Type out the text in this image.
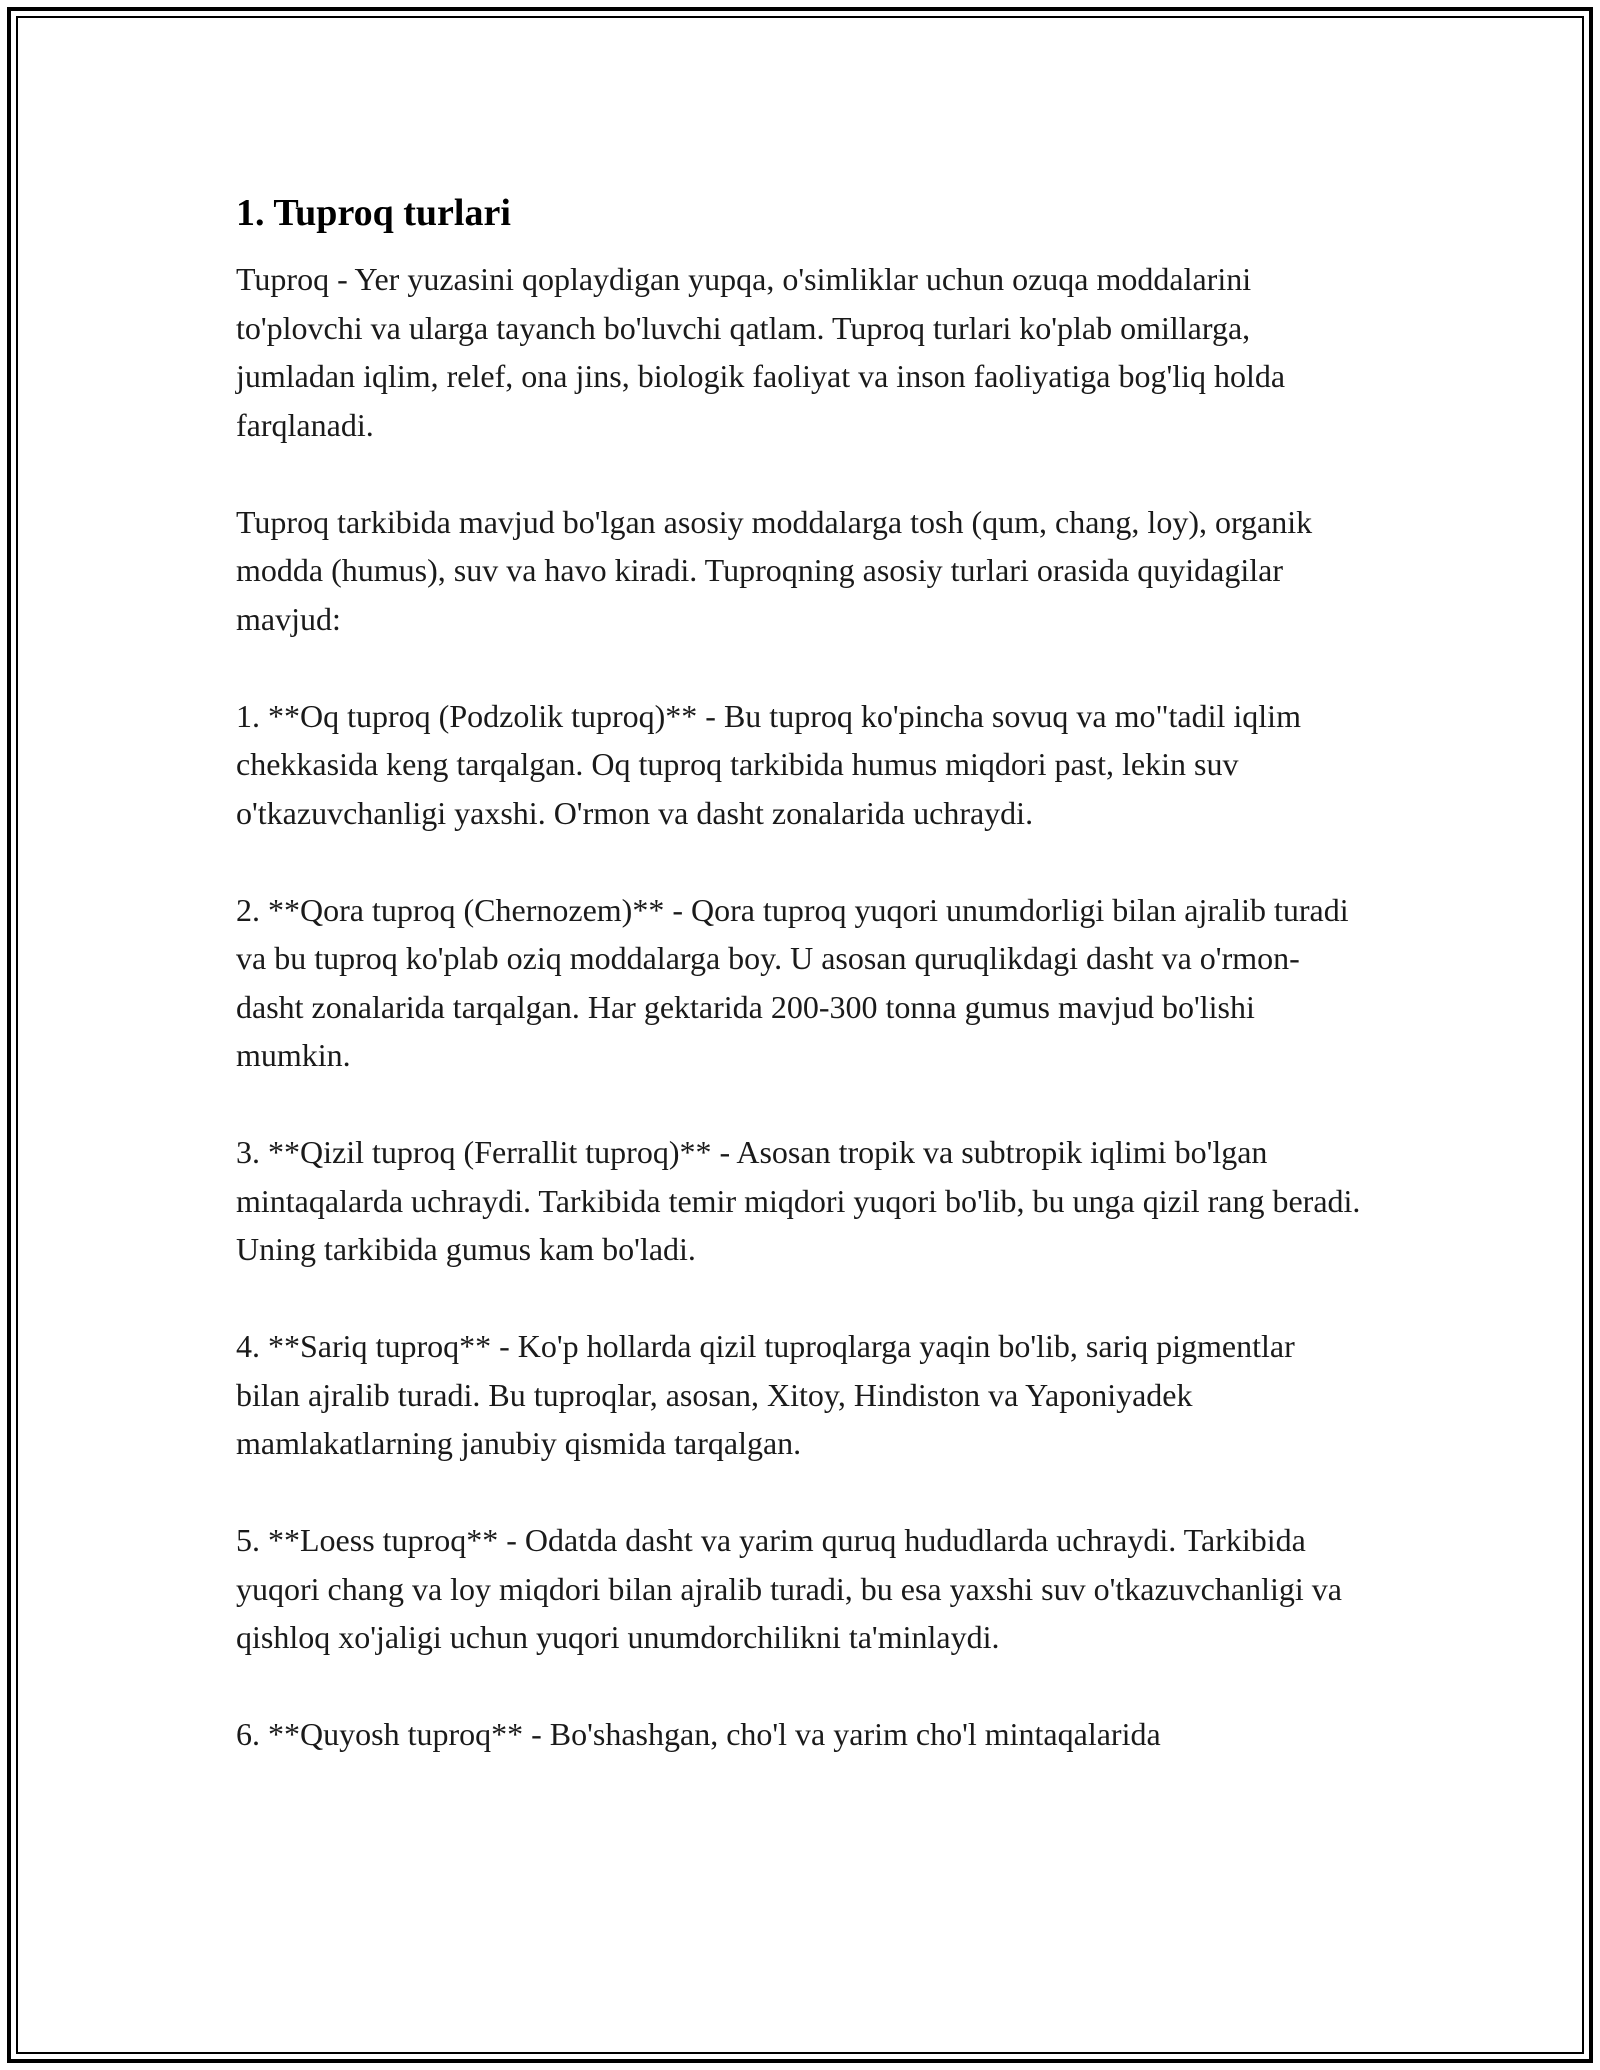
1. Tuproq turlari

Tuproq - Yer yuzasini qoplaydigan yupqa, o'simliklar uchun ozuqa moddalarini to'plovchi va ularga tayanch bo'luvchi qatlam. Tuproq turlari ko'plab omillarga, jumladan iqlim, relef, ona jins, biologik faoliyat va inson faoliyatiga bog'liq holda farqlanadi.

Tuproq tarkibida mavjud bo'lgan asosiy moddalarga tosh (qum, chang, loy), organik modda (humus), suv va havo kiradi. Tuproqning asosiy turlari orasida quyidagilar mavjud:

1. **Oq tuproq (Podzolik tuproq)** - Bu tuproq ko'pincha sovuq va mo"tadil iqlim chekkasida keng tarqalgan. Oq tuproq tarkibida humus miqdori past, lekin suv o'tkazuvchanligi yaxshi. O'rmon va dasht zonalarida uchraydi.

2. **Qora tuproq (Chernozem)** - Qora tuproq yuqori unumdorligi bilan ajralib turadi va bu tuproq ko'plab oziq moddalarga boy. U asosan quruqlikdagi dasht va o'rmon-dasht zonalarida tarqalgan. Har gektarida 200-300 tonna gumus mavjud bo'lishi mumkin.

3. **Qizil tuproq (Ferrallit tuproq)** - Asosan tropik va subtropik iqlimi bo'lgan mintaqalarda uchraydi. Tarkibida temir miqdori yuqori bo'lib, bu unga qizil rang beradi. Uning tarkibida gumus kam bo'ladi.

4. **Sariq tuproq** - Ko'p hollarda qizil tuproqlarga yaqin bo'lib, sariq pigmentlar bilan ajralib turadi. Bu tuproqlar, asosan, Xitoy, Hindiston va Yaponiyadek mamlakatlarning janubiy qismida tarqalgan.

5. **Loess tuproq** - Odatda dasht va yarim quruq hududlarda uchraydi. Tarkibida yuqori chang va loy miqdori bilan ajralib turadi, bu esa yaxshi suv o'tkazuvchanligi va qishloq xo'jaligi uchun yuqori unumdorchilikni ta'minlaydi.

6. **Quyosh tuproq** - Bo'shashgan, cho'l va yarim cho'l mintaqalarida
